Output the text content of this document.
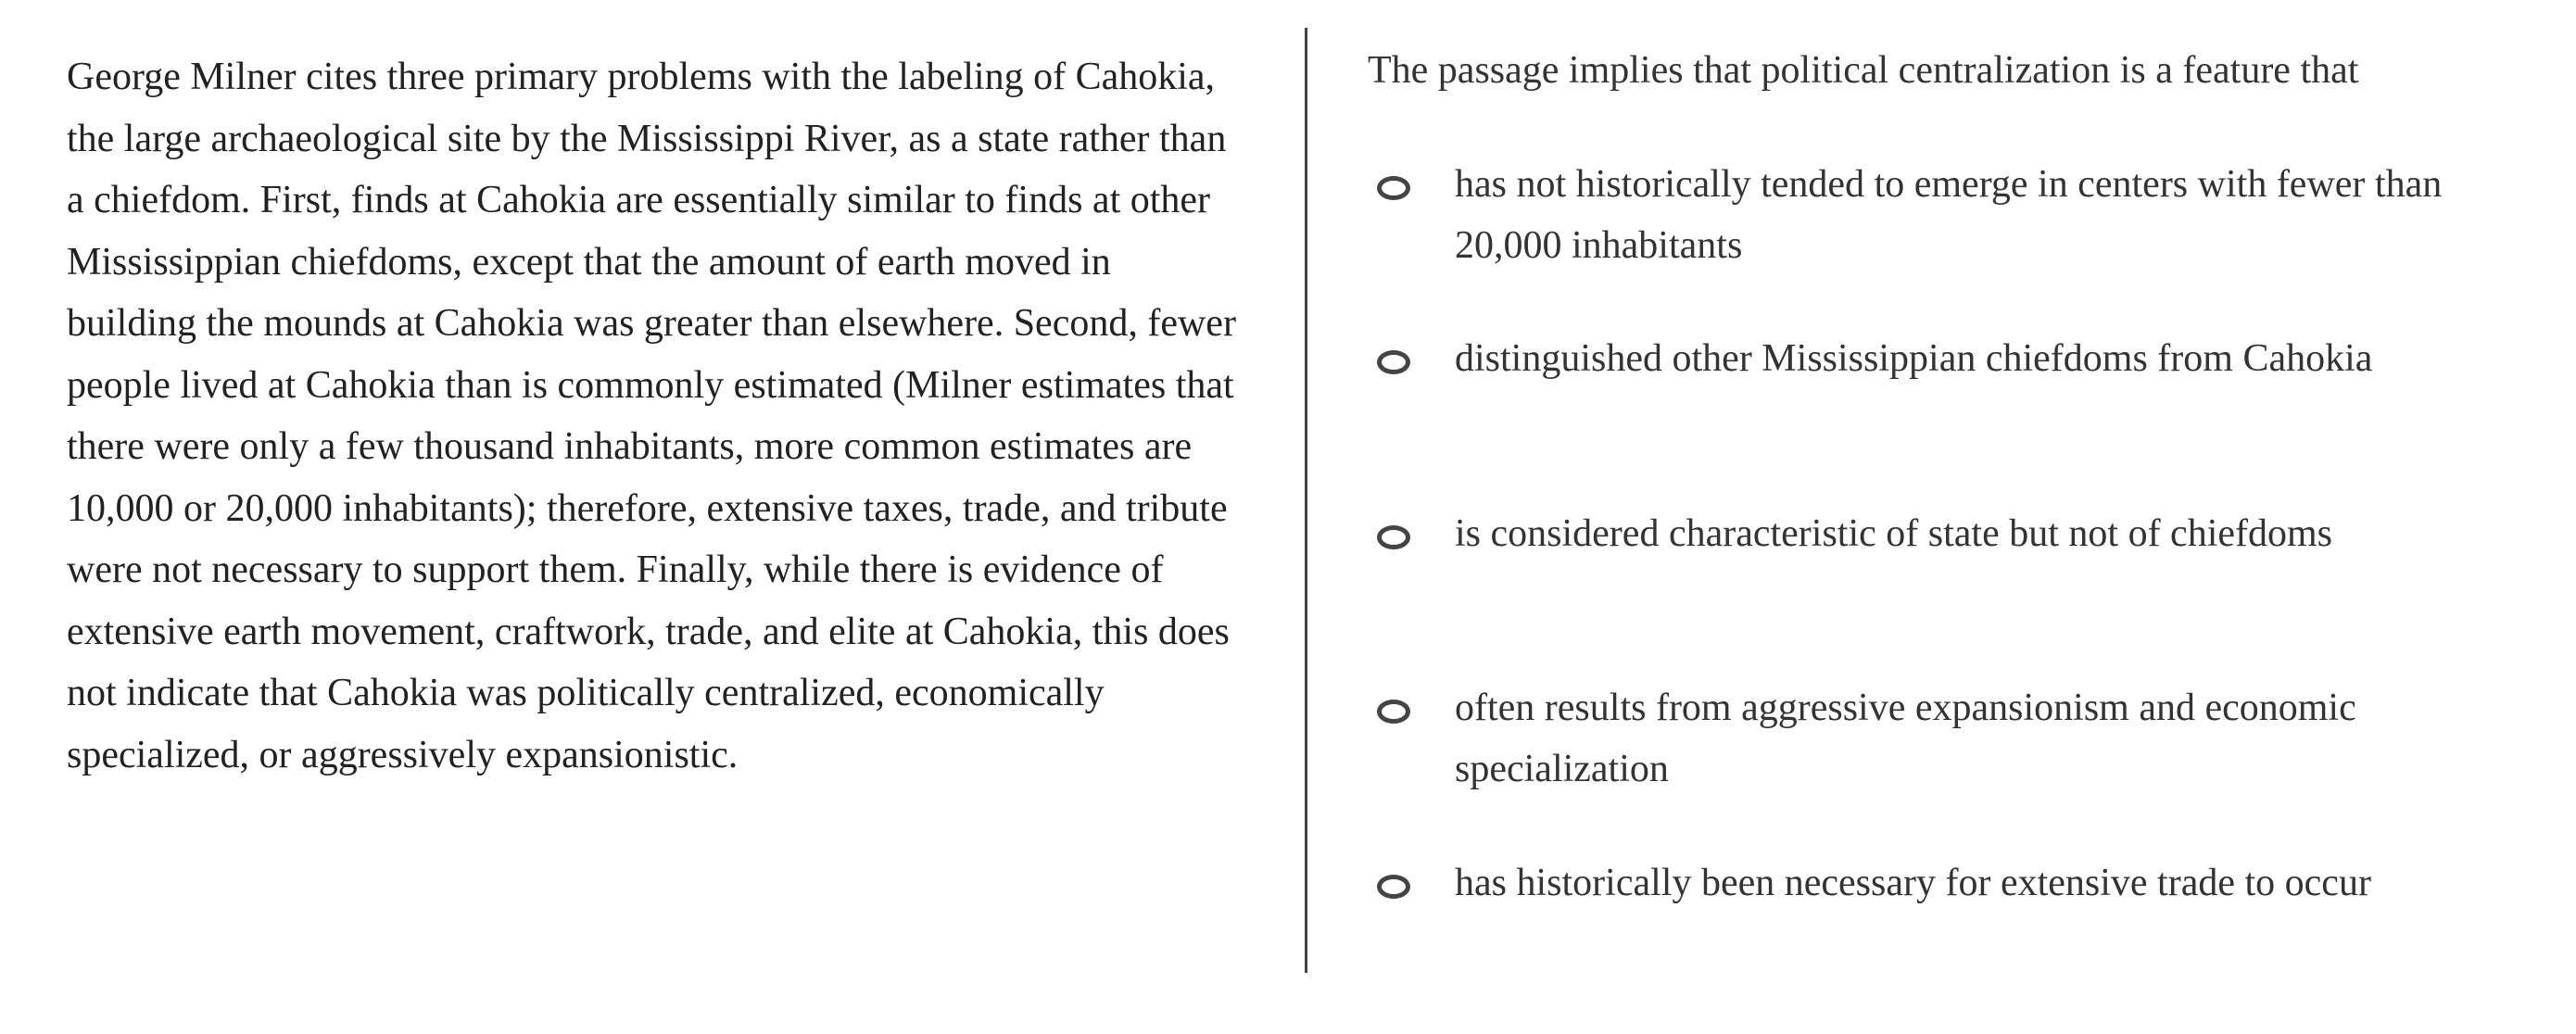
George Milner cites three primary problems with the labeling of Cahokia, the large archaeological site by the Mississippi River, as a state rather than a chiefdom. First, finds at Cahokia are essentially similar to finds at other Mississippian chiefdoms, except that the amount of earth moved in building the mounds at Cahokia was greater than elsewhere. Second, fewer people lived at Cahokia than is commonly estimated (Milner estimates that there were only a few thousand inhabitants, more common estimates are 10,000 or 20,000 inhabitants); therefore, extensive taxes, trade, and tribute were not necessary to support them. Finally, while there is evidence of extensive earth movement, craftwork, trade, and elite at Cahokia, this does not indicate that Cahokia was politically centralized, economically specialized, or aggressively expansionistic.
The passage implies that political centralization is a feature that
has not historically tended to emerge in centers with fewer than 20,000 inhabitants
distinguished other Mississippian chiefdoms from Cahokia
is considered characteristic of state but not of chiefdoms
often results from aggressive expansionism and economic specialization
has historically been necessary for extensive trade to occur
